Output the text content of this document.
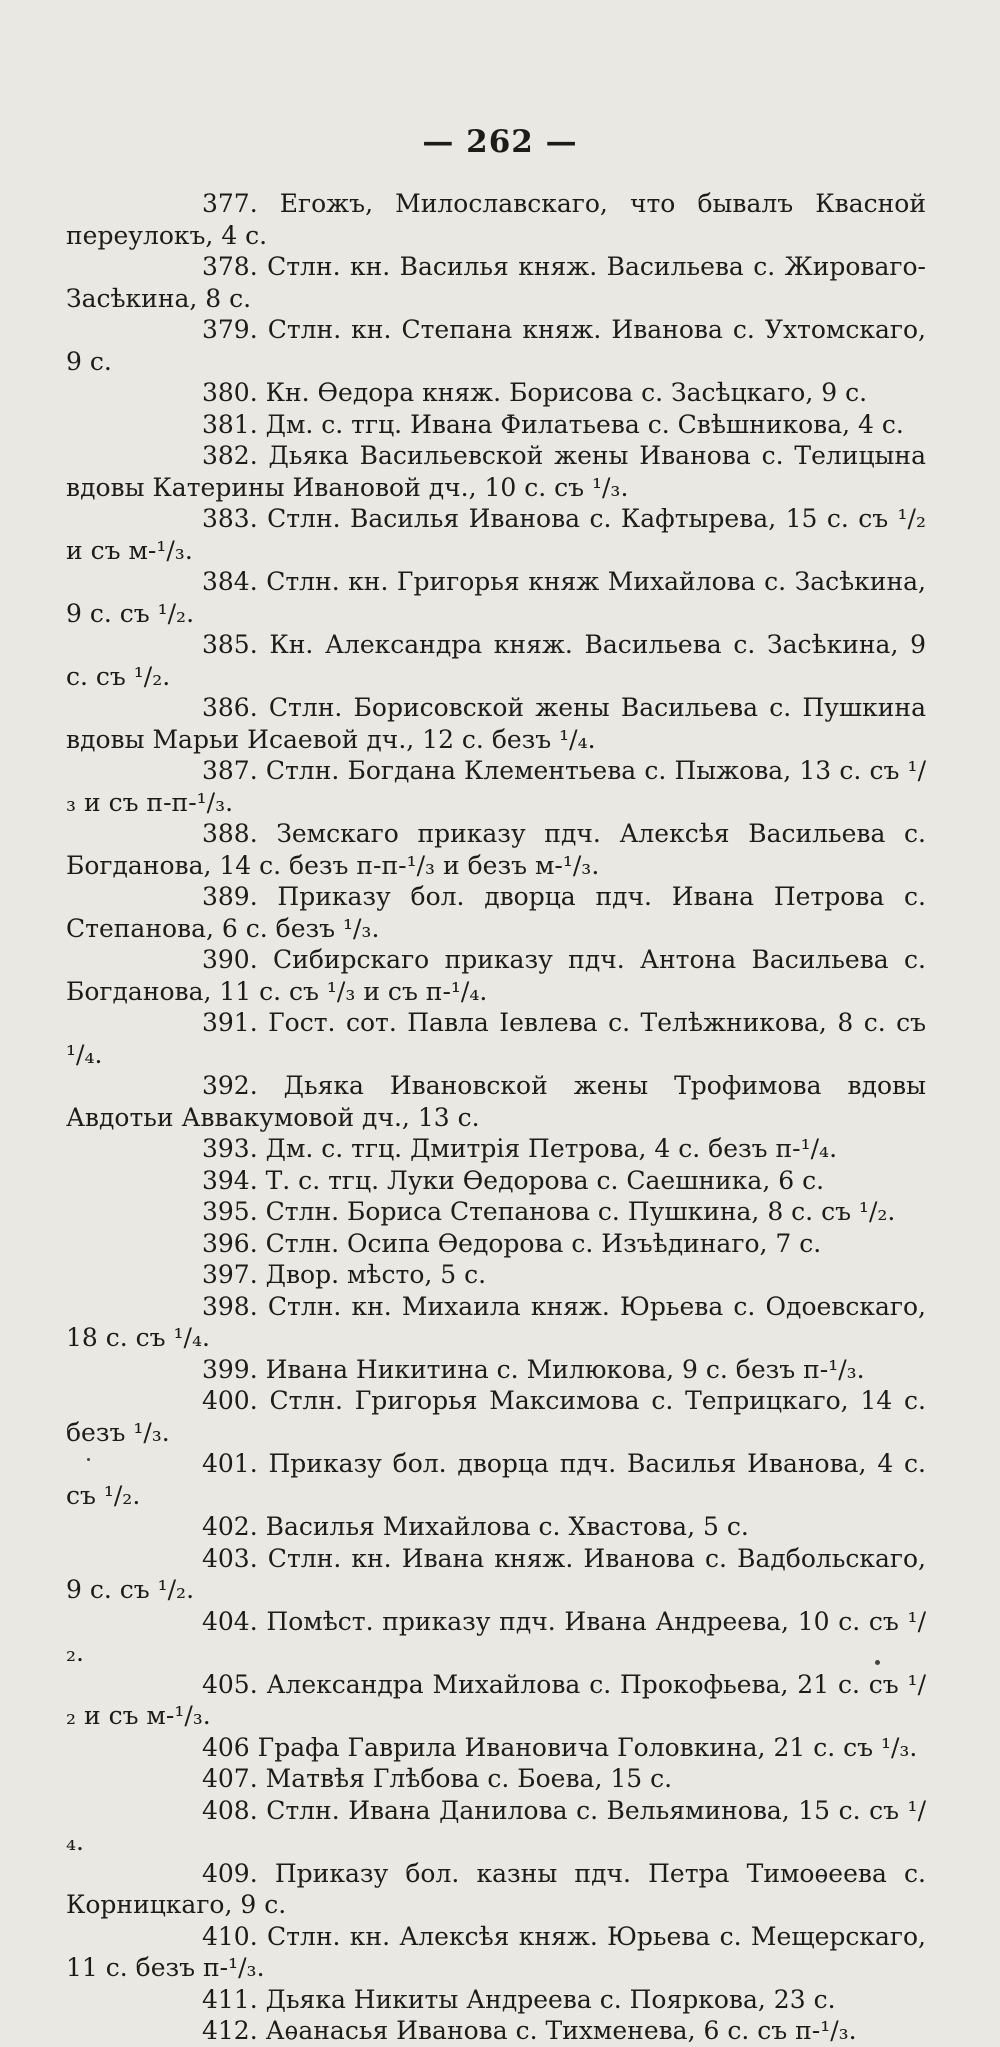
— 262 —
377. Егожъ, Милославскаго, что бывалъ Квасной переулокъ, 4 с.
378. Стлн. кн. Василья княж. Васильева с. Жироваго-Засѣкина, 8 с.
379. Стлн. кн. Степана княж. Иванова с. Ухтомскаго, 9 с.
380. Кн. Ѳедора княж. Борисова с. Засѣцкаго, 9 с.
381. Дм. с. тгц. Ивана Филатьева с. Свѣшникова, 4 с.
382. Дьяка Васильевской жены Иванова с. Телицына вдовы Катерины Ивановой дч., 10 с. съ ¹/₃.
383. Стлн. Василья Иванова с. Кафтырева, 15 с. съ ¹/₂ и съ м-¹/₃.
384. Стлн. кн. Григорья княж Михайлова с. Засѣкина, 9 с. съ ¹/₂.
385. Кн. Александра княж. Васильева с. Засѣкина, 9 с. съ ¹/₂.
386. Стлн. Борисовской жены Васильева с. Пушкина вдовы Марьи Исаевой дч., 12 с. безъ ¹/₄.
387. Стлн. Богдана Клементьева с. Пыжова, 13 с. съ ¹/₃ и съ п-п-¹/₃.
388. Земскаго приказу пдч. Алексѣя Васильева с. Богданова, 14 с. безъ п-п-¹/₃ и безъ м-¹/₃.
389. Приказу бол. дворца пдч. Ивана Петрова с. Степанова, 6 с. безъ ¹/₃.
390. Сибирскаго приказу пдч. Антона Васильева с. Богданова, 11 с. съ ¹/₃ и съ п-¹/₄.
391. Гост. сот. Павла Іевлева с. Телѣжникова, 8 с. съ ¹/₄.
392. Дьяка Ивановской жены Трофимова вдовы Авдотьи Аввакумовой дч., 13 с.
393. Дм. с. тгц. Дмитрія Петрова, 4 с. безъ п-¹/₄.
394. Т. с. тгц. Луки Ѳедорова с. Саешника, 6 с.
395. Стлн. Бориса Степанова с. Пушкина, 8 с. съ ¹/₂.
396. Стлн. Осипа Ѳедорова с. Изъѣдинаго, 7 с.
397. Двор. мѣсто, 5 с.
398. Стлн. кн. Михаила княж. Юрьева с. Одоевскаго, 18 с. съ ¹/₄.
399. Ивана Никитина с. Милюкова, 9 с. безъ п-¹/₃.
400. Стлн. Григорья Максимова с. Теприцкаго, 14 с. безъ ¹/₃.
401. Приказу бол. дворца пдч. Василья Иванова, 4 с. съ ¹/₂.
402. Василья Михайлова с. Хвастова, 5 с.
403. Стлн. кн. Ивана княж. Иванова с. Вадбольскаго, 9 с. съ ¹/₂.
404. Помѣст. приказу пдч. Ивана Андреева, 10 с. съ ¹/₂.
405. Александра Михайлова с. Прокофьева, 21 с. съ ¹/₂ и съ м-¹/₃.
406 Графа Гаврила Ивановича Головкина, 21 с. съ ¹/₃.
407. Матвѣя Глѣбова с. Боева, 15 с.
408. Стлн. Ивана Данилова с. Вельяминова, 15 с. съ ¹/₄.
409. Приказу бол. казны пдч. Петра Тимоѳеева с. Корницкаго, 9 с.
410. Стлн. кн. Алексѣя княж. Юрьева с. Мещерскаго, 11 с. безъ п-¹/₃.
411. Дьяка Никиты Андреева с. Пояркова, 23 с.
412. Аѳанасья Иванова с. Тихменева, 6 с. съ п-¹/₃.
